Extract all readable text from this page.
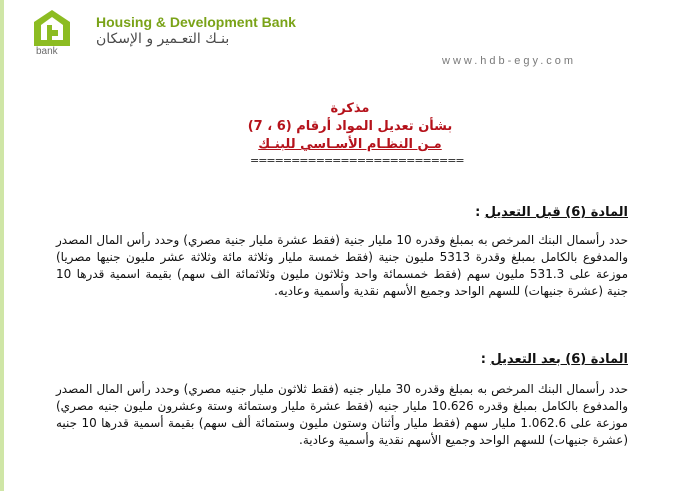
bank
Housing & Development Bank
بنـك التعـمير و الإسكان
www.hdb-egy.com
مذكرة
بشأن تعديل المواد أرقام (6 ، 7)
مـن النظـام الأسـاسي للبنـك
==========================
المادة (6) قبل التعديل :
حدد رأسمال البنك المرخص به بمبلغ وقدره 10 مليار جنية (فقط عشرة مليار جنية مصري) وحدد رأس المال المصدر والمدفوع بالكامل بمبلغ وقدرة 5313 مليون جنية (فقط خمسة مليار وثلاثة مائة وثلاثة عشر مليون جنيها مصريا) موزعة على 531.3 مليون سهم (فقط خمسمائة واحد وثلاثون مليون وثلاثمائة الف سهم) بقيمة اسمية قدرها 10 جنية (عشرة جنيهات) للسهم الواحد وجميع الأسهم نقدية وأسمية وعاديه.
المادة (6) بعد التعديل :
حدد رأسمال البنك المرخص به بمبلغ وقدره 30 مليار جنيه (فقط ثلاثون مليار جنيه مصري) وحدد رأس المال المصدر والمدفوع بالكامل بمبلغ وقدره 10.626 مليار جنيه (فقط عشرة مليار وستمائة وستة وعشرون مليون جنيه مصري) موزعة على 1.062.6 مليار سهم (فقط مليار وأثنان وستون مليون وستمائة ألف سهم) بقيمة أسمية قدرها 10 جنيه (عشرة جنيهات) للسهم الواحد وجميع الأسهم نقدية وأسمية وعادية.
